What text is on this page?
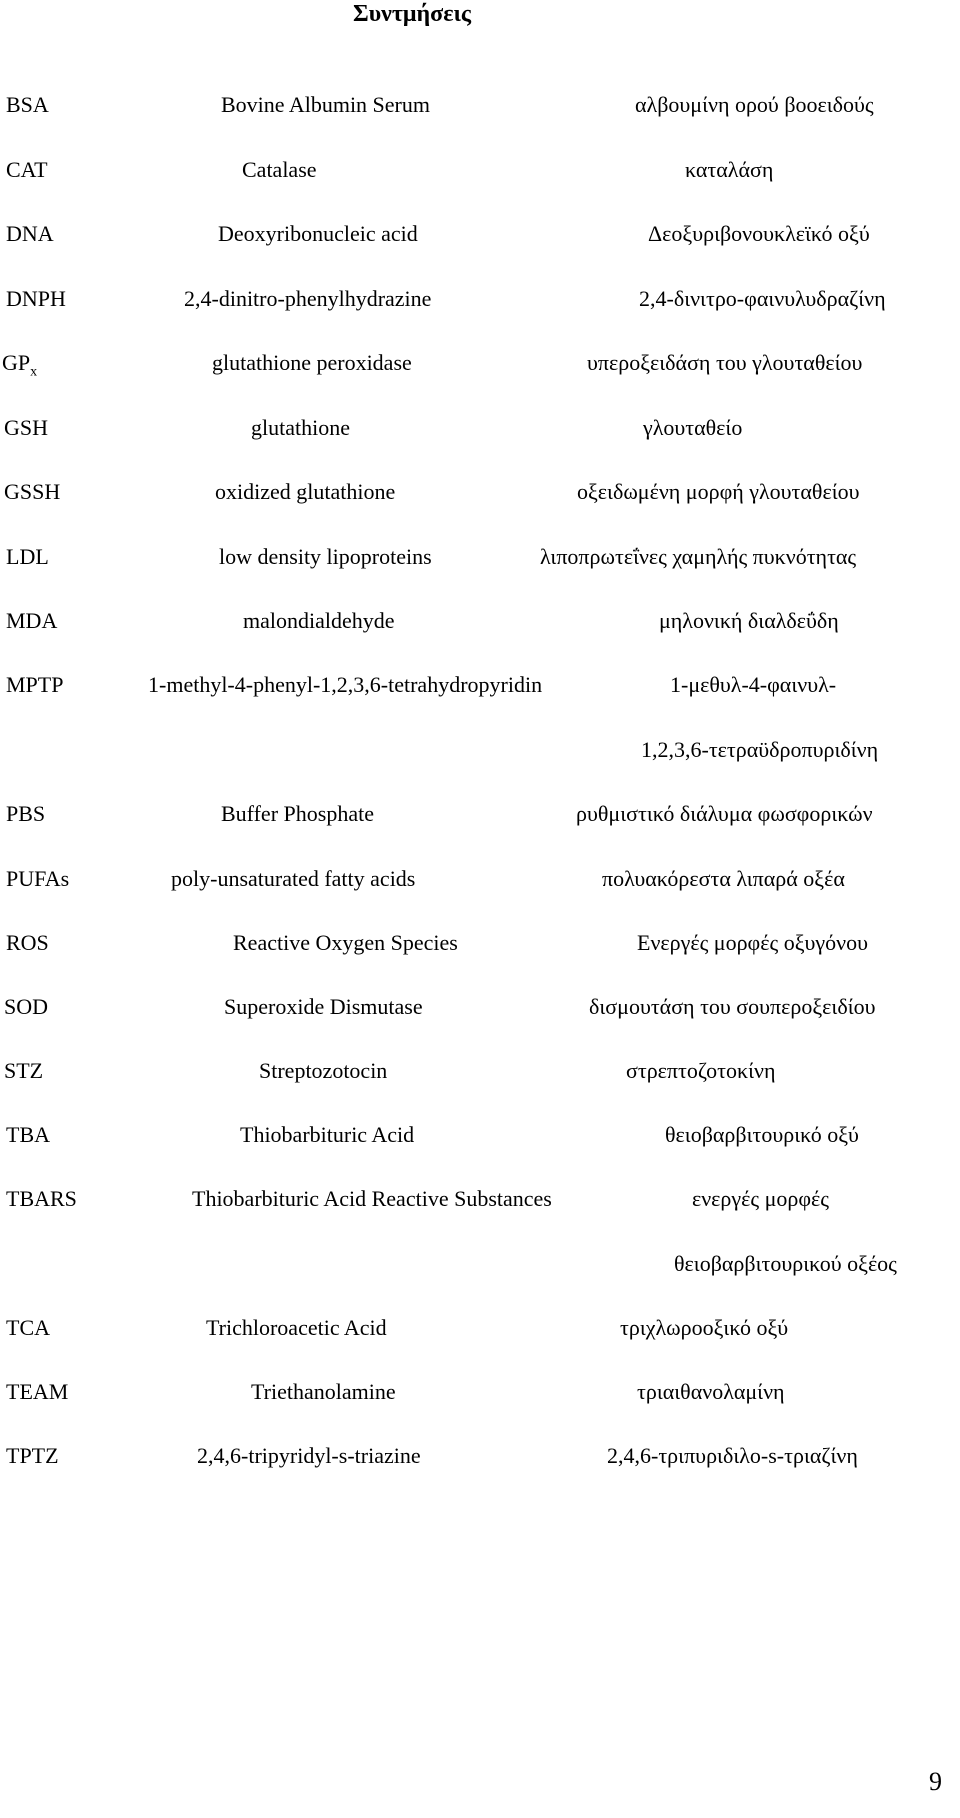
Συντμήσεις
BSA	Bovine Albumin Serum	αλβουμίνη ορού βοοειδούς
CAT	Catalase	καταλάση
DNA	Deoxyribonucleic acid	Δεοξυριβονουκλεϊκό οξύ
DNPH	2,4-dinitro-phenylhydrazine	2,4-δινιτρο-φαινυλυδραζίνη
$GP_x$	glutathione peroxidase	υπεροξειδάση του γλουταθείου
GSH	glutathione	γλουταθείο
GSSH	oxidized glutathione	οξειδωμένη μορφή γλουταθείου
LDL	low density lipoproteins	λιποπρωτεΐνες χαμηλής πυκνότητας
MDA	malondialdehyde	μηλονική διαλδεΰδη
MPTP	1-methyl-4-phenyl-1,2,3,6-tetrahydropyridin	1-μεθυλ-4-φαινυλ-
1,2,3,6-τετραϋδροπυριδίνη
PBS	Buffer Phosphate	ρυθμιστικό διάλυμα φωσφορικών
PUFAs	poly-unsaturated fatty acids	πολυακόρεστα λιπαρά οξέα
ROS	Reactive Oxygen Species	Ενεργές μορφές οξυγόνου
SOD	Superoxide Dismutase	δισμουτάση του σουπεροξειδίου
STZ	Streptozotocin	στρεπτοζοτοκίνη
TBA	Thiobarbituric Acid	θειοβαρβιτουρικό οξύ
TBARS	Thiobarbituric Acid Reactive Substances	ενεργές μορφές
θειοβαρβιτουρικού οξέος
TCA	Trichloroacetic Acid	τριχλωροοξικό οξύ
TEAM	Triethanolamine	τριαιθανολαμίνη
TPTZ	2,4,6-tripyridyl-s-triazine	2,4,6-τριπυριδιλο-s-τριαζίνη
9
